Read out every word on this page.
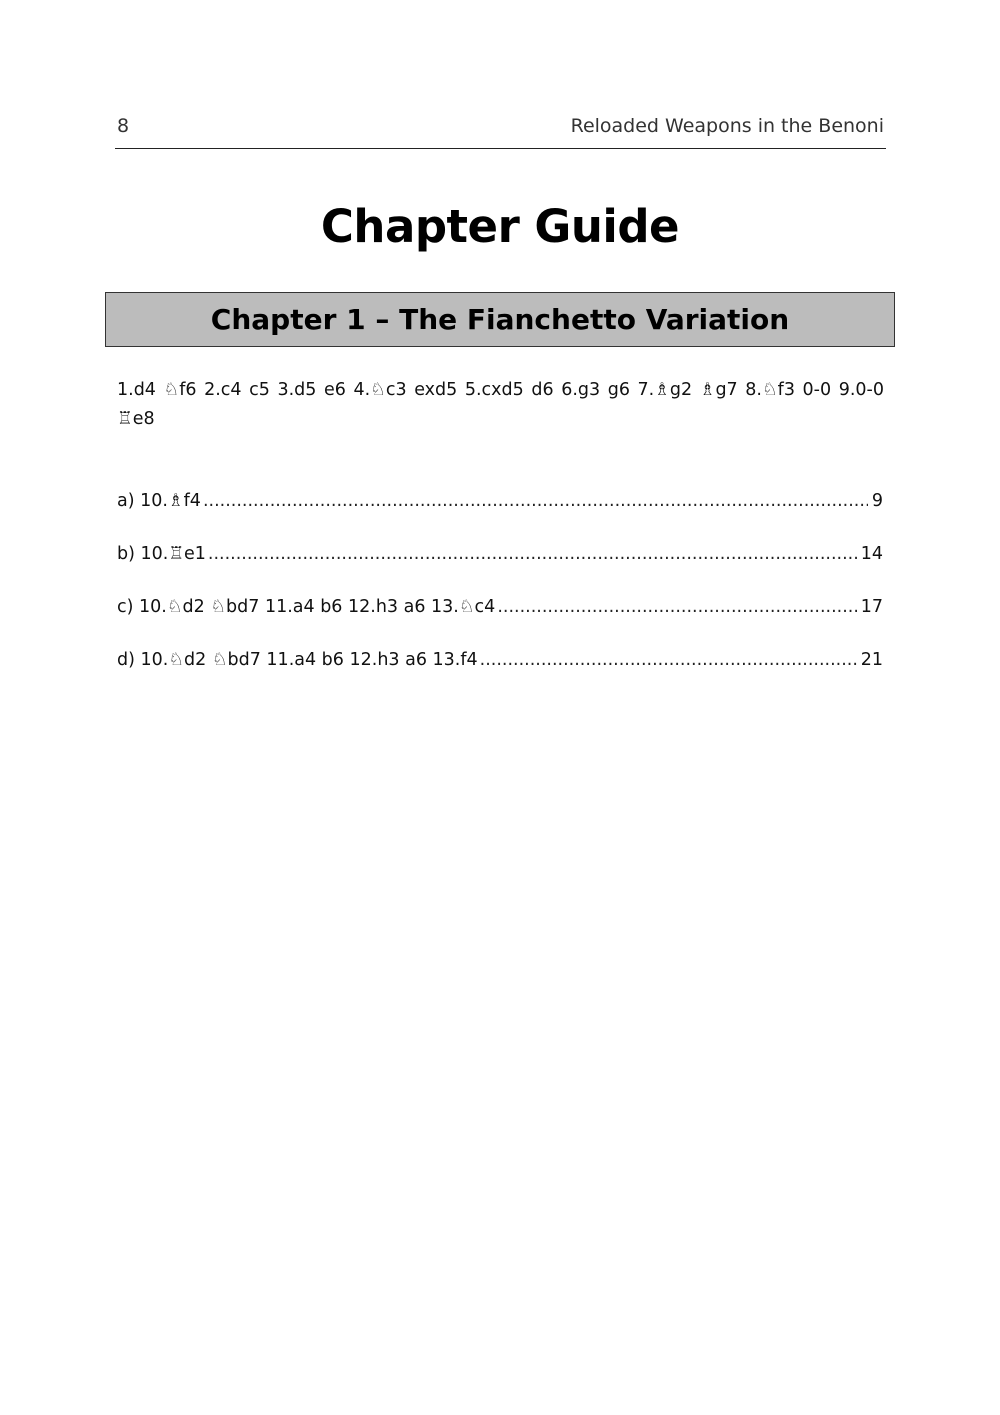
8	Reloaded Weapons in the Benoni
Chapter Guide
Chapter 1 – The Fianchetto Variation

1.d4 ♘f6 2.c4 c5 3.d5 e6 4.♘c3 exd5 5.cxd5 d6 6.g3 g6 7.♗g2 ♗g7 8.♘f3 0-0 9.0-0 ♖e8

a) 10.♗f4 .....	9
b) 10.♖e1 .....	14
c) 10.♘d2 ♘bd7 11.a4 b6 12.h3 a6 13.♘c4 .....	17
d) 10.♘d2 ♘bd7 11.a4 b6 12.h3 a6 13.f4 .....	21
